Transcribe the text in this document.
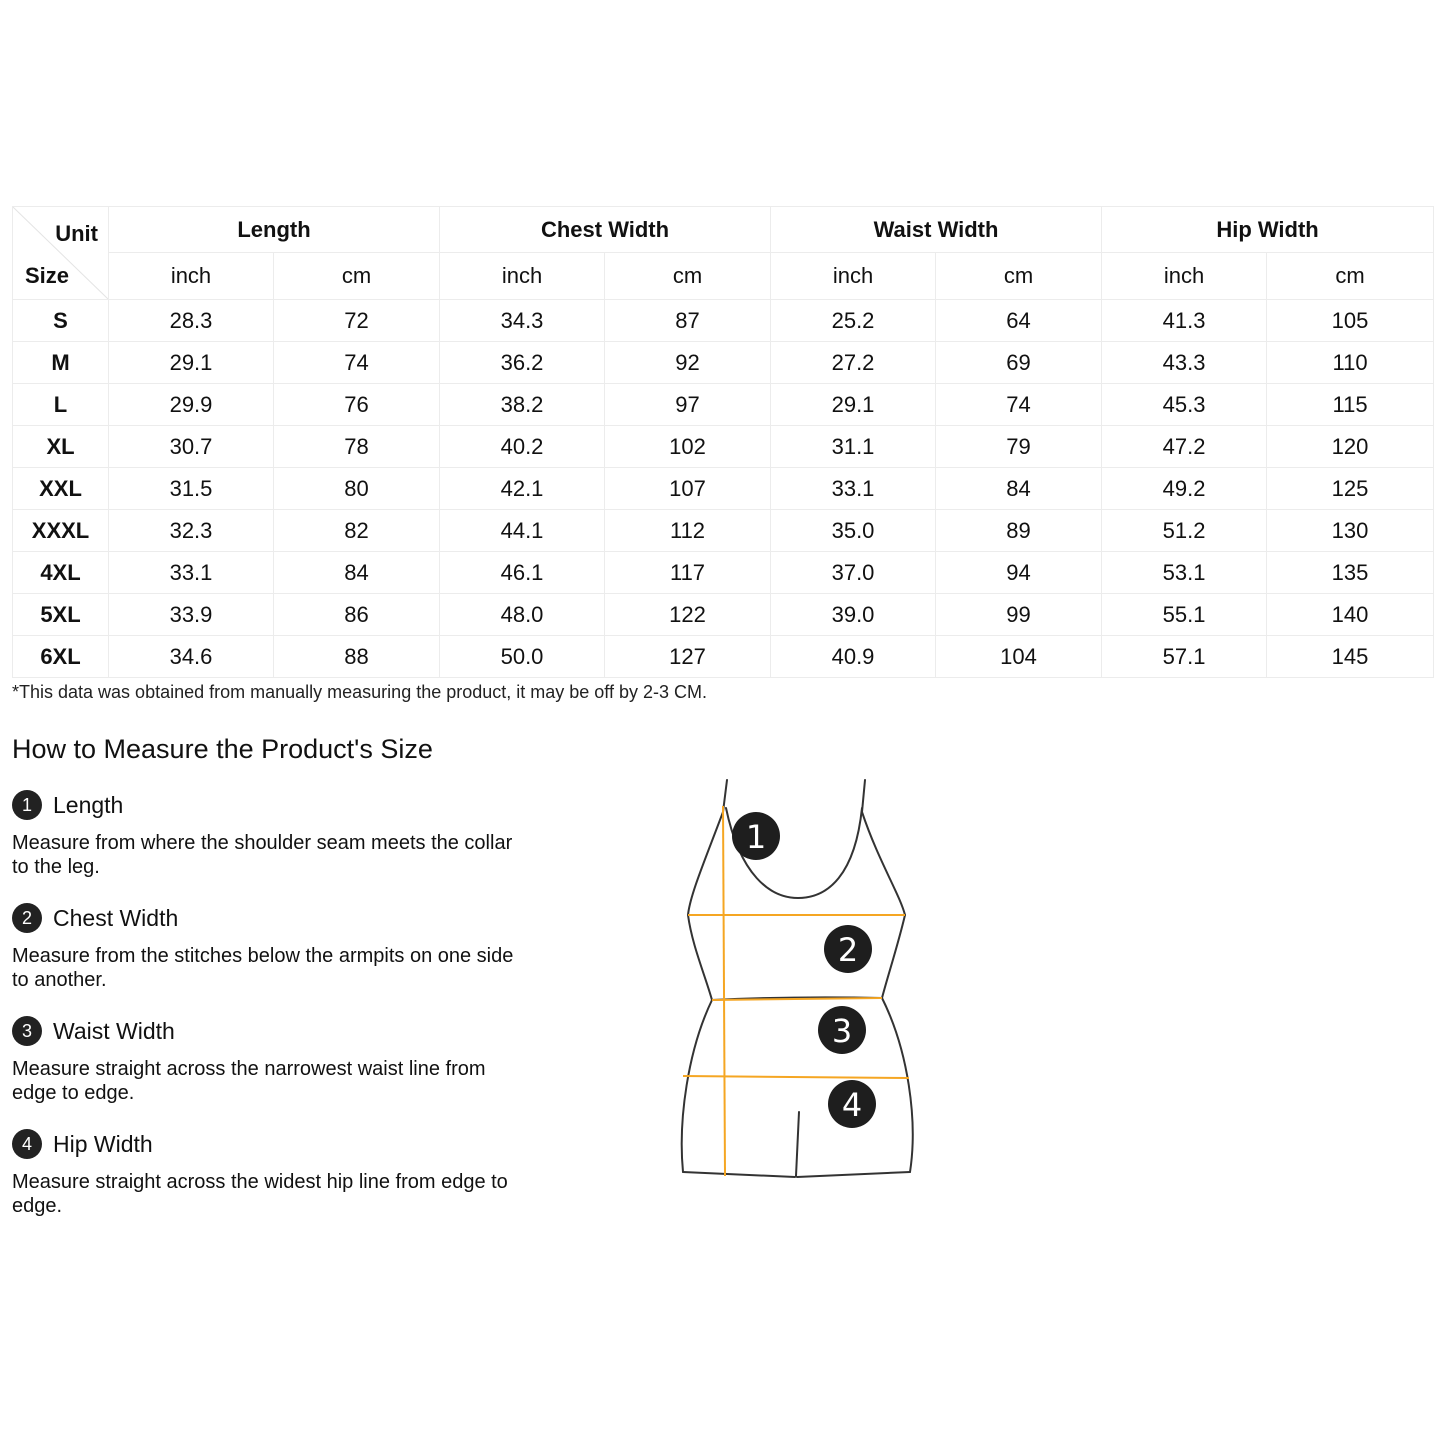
Unit
Size	Length		Chest Width		Waist Width		Hip Width	
	inch	cm	inch	cm	inch	cm	inch	cm
S	28.3	72	34.3	87	25.2	64	41.3	105
M	29.1	74	36.2	92	27.2	69	43.3	110
L	29.9	76	38.2	97	29.1	74	45.3	115
XL	30.7	78	40.2	102	31.1	79	47.2	120
XXL	31.5	80	42.1	107	33.1	84	49.2	125
XXXL	32.3	82	44.1	112	35.0	89	51.2	130
4XL	33.1	84	46.1	117	37.0	94	53.1	135
5XL	33.9	86	48.0	122	39.0	99	55.1	140
6XL	34.6	88	50.0	127	40.9	104	57.1	145
*This data was obtained from manually measuring the product, it may be off by 2-3 CM.
How to Measure the Product's Size
1 Length
Measure from where the shoulder seam meets the collar to the leg.
2 Chest Width
Measure from the stitches below the armpits on one side to another.
3 Waist Width
Measure straight across the narrowest waist line from edge to edge.
4 Hip Width
Measure straight across the widest hip line from edge to edge.
1
2
3
4
